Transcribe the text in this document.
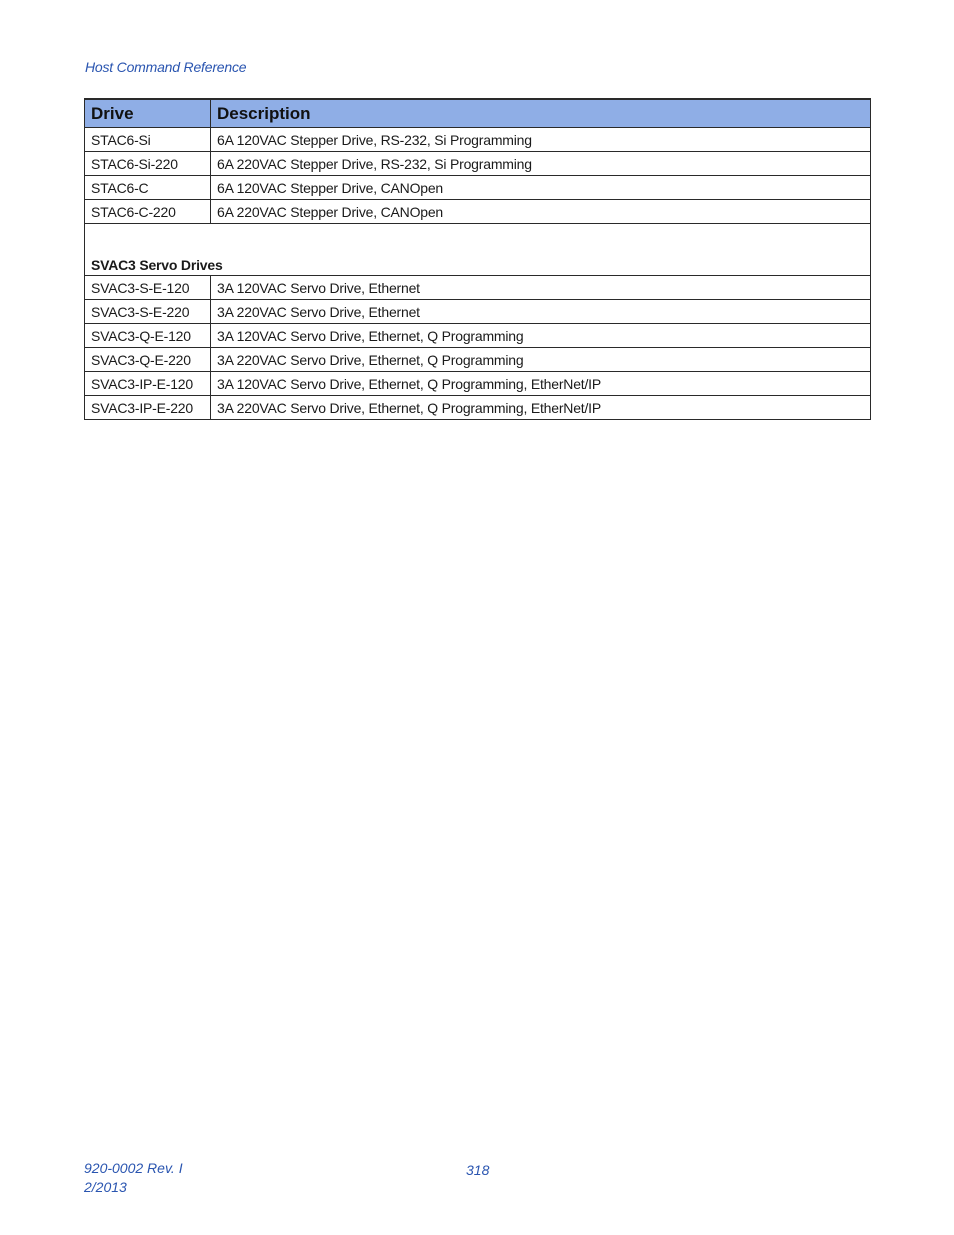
Host Command Reference
Drive	Description
STAC6-Si	6A 120VAC Stepper Drive, RS-232, Si Programming
STAC6-Si-220	6A 220VAC Stepper Drive, RS-232, Si Programming
STAC6-C	6A 120VAC Stepper Drive, CANOpen
STAC6-C-220	6A 220VAC Stepper Drive, CANOpen
SVAC3 Servo Drives	
SVAC3-S-E-120	3A 120VAC Servo Drive, Ethernet
SVAC3-S-E-220	3A 220VAC Servo Drive, Ethernet
SVAC3-Q-E-120	3A 120VAC Servo Drive, Ethernet, Q Programming
SVAC3-Q-E-220	3A 220VAC Servo Drive, Ethernet, Q Programming
SVAC3-IP-E-120	3A 120VAC Servo Drive, Ethernet, Q Programming, EtherNet/IP
SVAC3-IP-E-220	3A 220VAC Servo Drive, Ethernet, Q Programming, EtherNet/IP
920-0002 Rev. I
2/2013
318
